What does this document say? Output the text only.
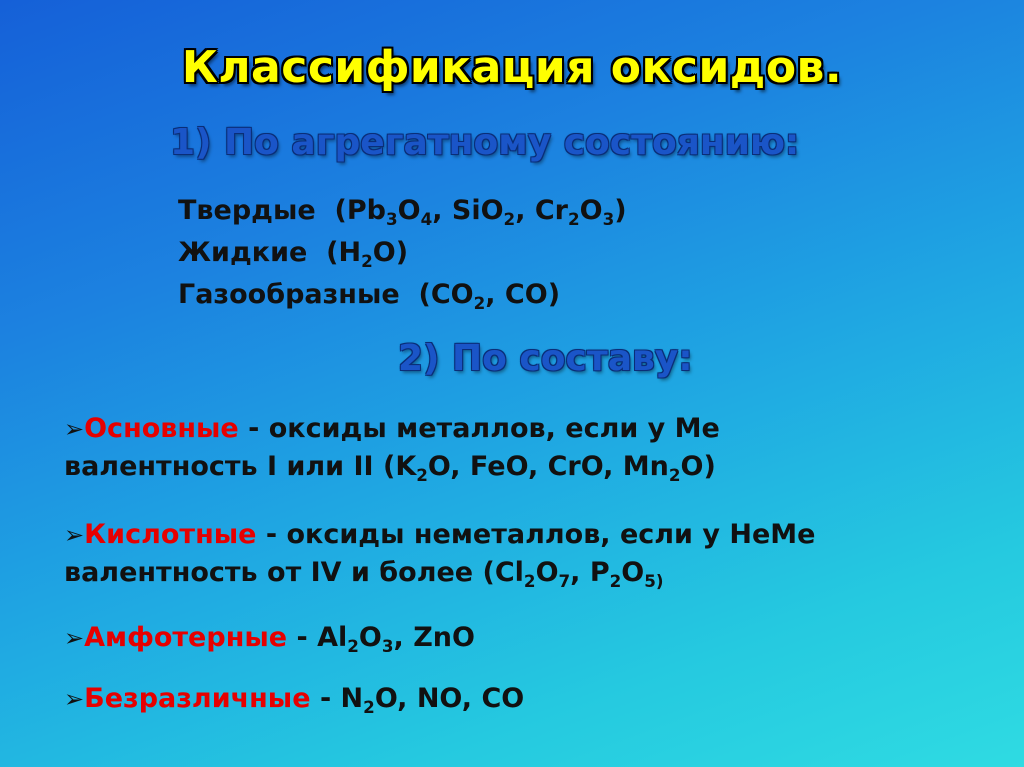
Классификация оксидов.
1) По агрегатному состоянию:
Твердые ($Pb_3O_4$, SiO$_2$, $Cr_2O_3$)
Жидкие $(H_2O)$
Газообразные ($CO_2$, CO)
2) По составу:
➢Основные - оксиды металлов, если у Ме
валентность I или II ($K_2O$, FeO, CrO, $Mn_2O$)
➢Кислотные - оксиды неметаллов, если у НеМе
валентность от IV и более ($Cl_2O_7$, $P_2O_{5)}$
➢Амфотерные - $Al_2O_3$, ZnO
➢Безразличные - $N_2O$, NO, CO
